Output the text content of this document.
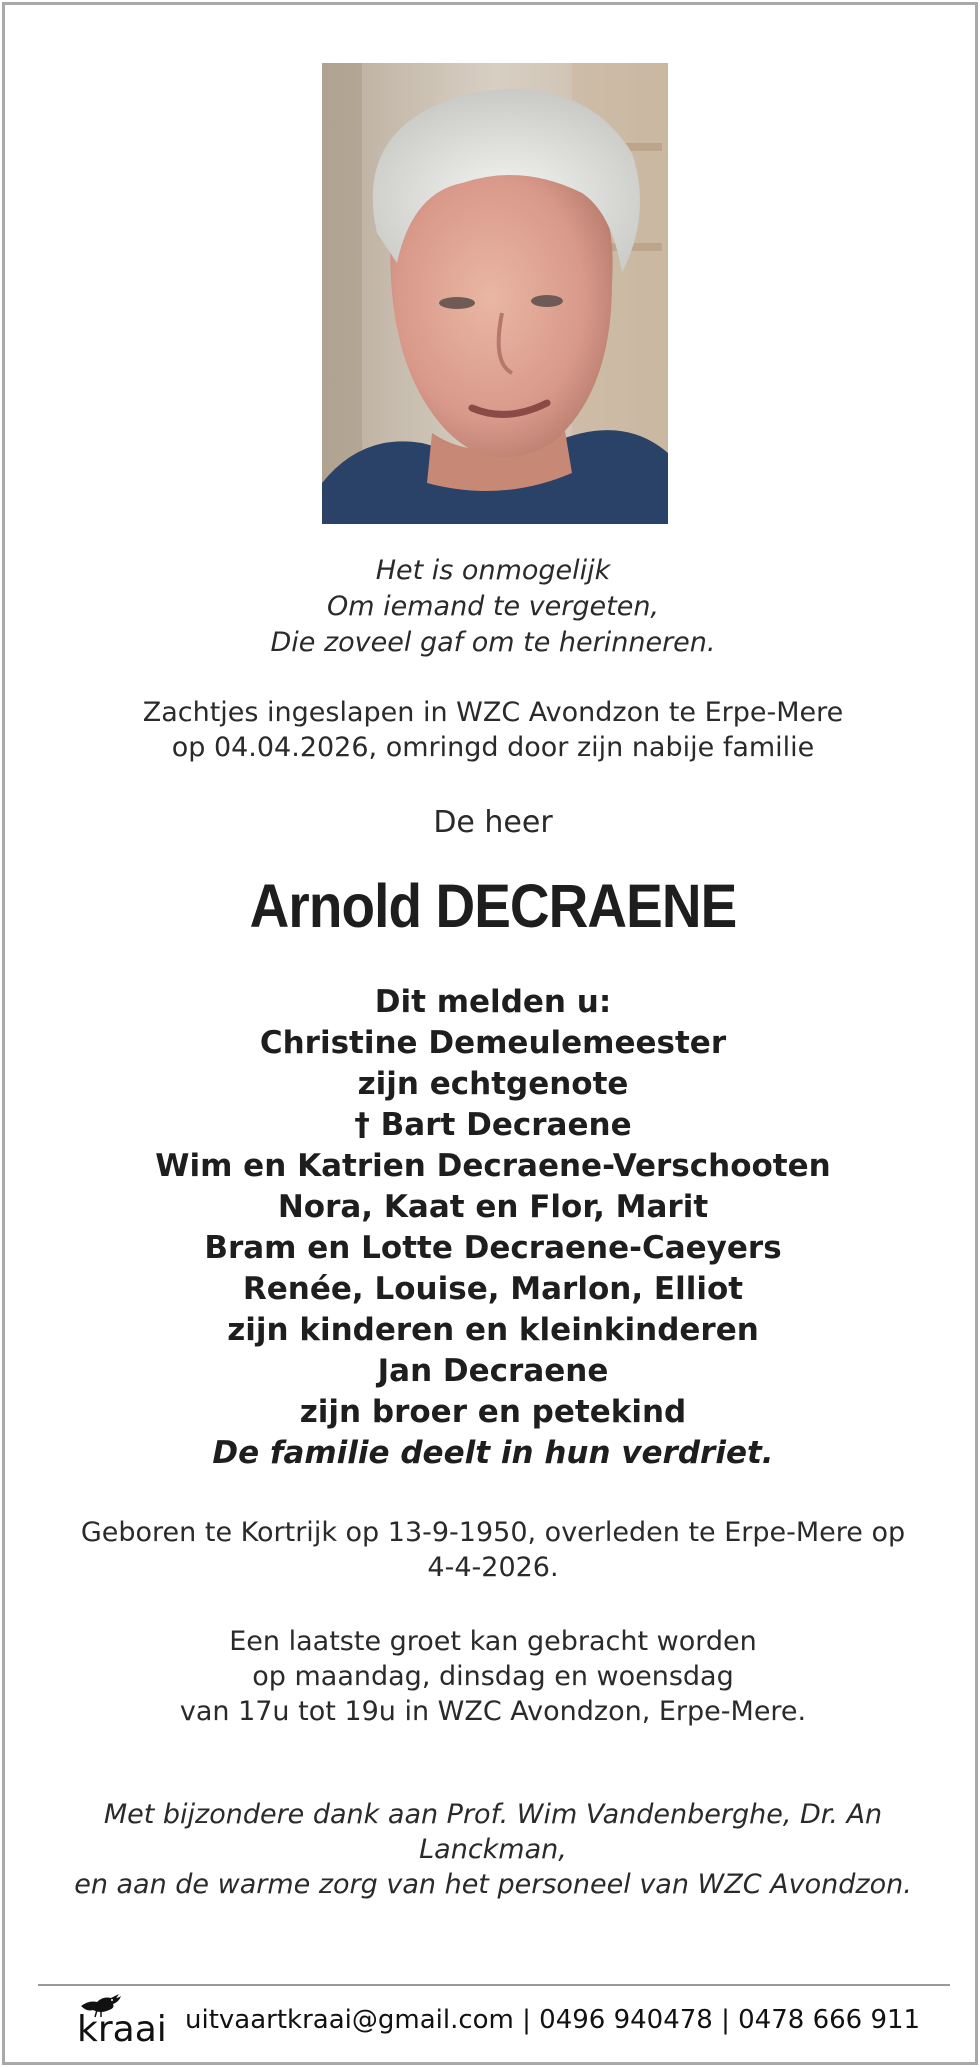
Het is onmogelijk
Om iemand te vergeten,
Die zoveel gaf om te herinneren.
Zachtjes ingeslapen in WZC Avondzon te Erpe-Mere
op 04.04.2026, omringd door zijn nabije familie
De heer
Arnold DECRAENE
Dit melden u:
Christine Demeulemeester
zijn echtgenote
† Bart Decraene
Wim en Katrien Decraene-Verschooten
Nora, Kaat en Flor, Marit
Bram en Lotte Decraene-Caeyers
Renée, Louise, Marlon, Elliot
zijn kinderen en kleinkinderen
Jan Decraene
zijn broer en petekind
De familie deelt in hun verdriet.
Geboren te Kortrijk op 13-9-1950, overleden te Erpe-Mere op 4-4-2026.
Een laatste groet kan gebracht worden
op maandag, dinsdag en woensdag
van 17u tot 19u in WZC Avondzon, Erpe-Mere.
Met bijzondere dank aan Prof. Wim Vandenberghe, Dr. An Lanckman,
en aan de warme zorg van het personeel van WZC Avondzon.
kraai uitvaartkraai@gmail.com | 0496 940478 | 0478 666 911
